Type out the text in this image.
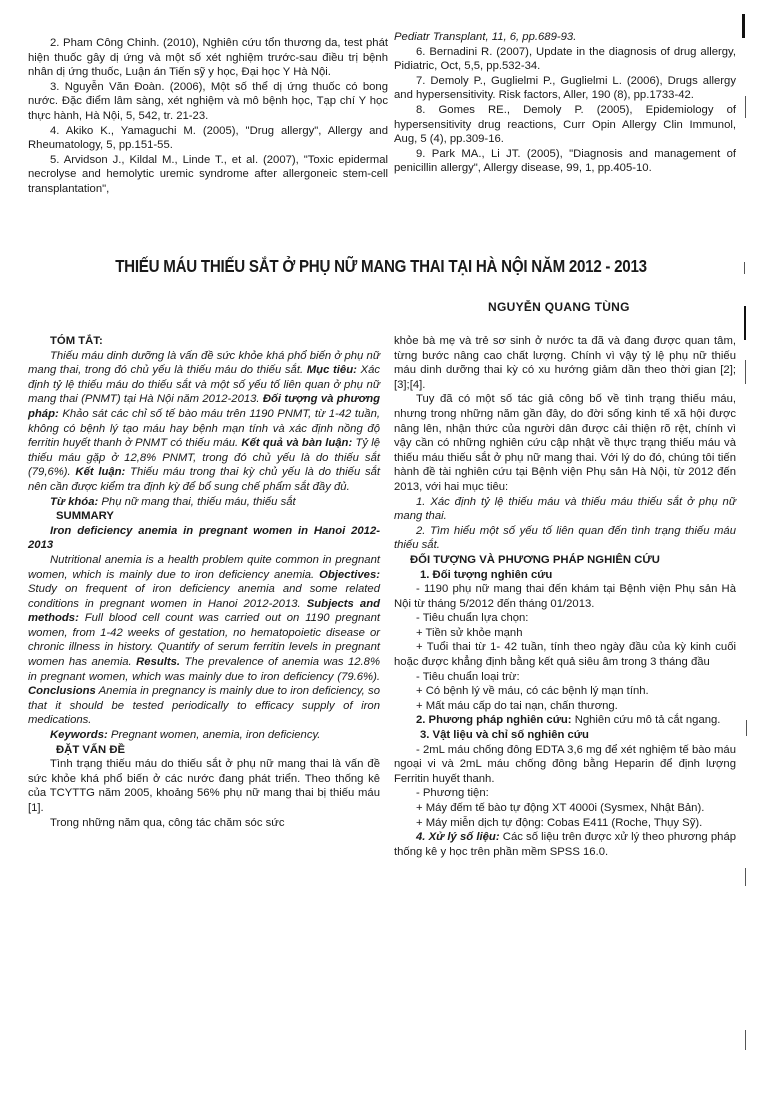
2. Pham Công Chinh. (2010), Nghiên cứu tổn thương da, test phát hiện thuốc gây dị ứng và một số xét nghiệm trước-sau điều trị bệnh nhân dị ứng thuốc, Luận án Tiến sỹ y học, Đại học Y Hà Nội.

3. Nguyễn Văn Đoàn. (2006), Một số thể dị ứng thuốc có bong nước. Đặc điểm lâm sàng, xét nghiệm và mô bệnh học, Tạp chí Y học thực hành, Hà Nội, 5, 542, tr. 21-23.

4. Akiko K., Yamaguchi M. (2005), "Drug allergy", Allergy and Rheumatology, 5, pp.151-55.

5. Arvidson J., Kildal M., Linde T., et al. (2007), "Toxic epidermal necrolyse and hemolytic uremic syndrome after allergoneic stem-cell transplantation",

Pediatr Transplant, 11, 6, pp.689-93.

6. Bernadini R. (2007), Update in the diagnosis of drug allergy, Pidiatric, Oct, 5,5, pp.532-34.

7. Demoly P., Guglielmi P., Guglielmi L. (2006), Drugs allergy and hypersensitivity. Risk factors, Aller, 190 (8), pp.1733-42.

8. Gomes RE., Demoly P. (2005), Epidemiology of hypersensitivity drug reactions, Curr Opin Allergy Clin Immunol, Aug, 5 (4), pp.309-16.

9. Park MA., Li JT. (2005), "Diagnosis and management of penicillin allergy", Allergy disease, 99, 1, pp.405-10.

THIẾU MÁU THIẾU SẮT Ở PHỤ NỮ MANG THAI TẠI HÀ NỘI NĂM 2012 - 2013
NGUYỄN QUANG TÙNG

TÓM TẮT:

Thiếu máu dinh dưỡng là vấn đề sức khỏe khá phổ biến ở phụ nữ mang thai, trong đó chủ yếu là thiếu máu do thiếu sắt. Mục tiêu: Xác định tỷ lệ thiếu máu do thiếu sắt và một số yếu tố liên quan ở phụ nữ mang thai (PNMT) tại Hà Nội năm 2012-2013. Đối tượng và phương pháp: Khảo sát các chỉ số tế bào máu trên 1190 PNMT, từ 1-42 tuần, không có bệnh lý tạo máu hay bệnh mạn tính và xác định nồng độ ferritin huyết thanh ở PNMT có thiếu máu. Kết quả và bàn luận: Tỷ lệ thiếu máu gặp ở 12,8% PNMT, trong đó chủ yếu là do thiếu sắt (79,6%). Kết luận: Thiếu máu trong thai kỳ chủ yếu là do thiếu sắt nên cần được kiểm tra định kỳ để bổ sung chế phẩm sắt đầy đủ.

Từ khóa: Phụ nữ mang thai, thiếu máu, thiếu sắt

SUMMARY

Iron deficiency anemia in pregnant women in Hanoi 2012-2013

Nutritional anemia is a health problem quite common in pregnant women, which is mainly due to iron deficiency anemia. Objectives: Study on frequent of iron deficiency anemia and some related conditions in pregnant women in Hanoi 2012-2013. Subjects and methods: Full blood cell count was carried out on 1190 pregnant women, from 1-42 weeks of gestation, no hematopoietic disease or chronic illness in history. Quantify of serum ferritin levels in pregnant women has anemia. Results. The prevalence of anemia was 12.8% in pregnant women, which was mainly due to iron deficiency (79.6%). Conclusions Anemia in pregnancy is mainly due to iron deficiency, so that it should be tested periodically to efficacy supply of iron medications.

Keywords: Pregnant women, anemia, iron deficiency.

ĐẶT VẤN ĐỀ

Tình trạng thiếu máu do thiếu sắt ở phụ nữ mang thai là vấn đề sức khỏe khá phổ biến ở các nước đang phát triển. Theo thống kê của TCYTTG năm 2005, khoảng 56% phụ nữ mang thai bị thiếu máu [1].

Trong những năm qua, công tác chăm sóc sức

khỏe bà mẹ và trẻ sơ sinh ở nước ta đã và đang được quan tâm, từng bước nâng cao chất lượng. Chính vì vậy tỷ lệ phụ nữ thiếu máu dinh dưỡng thai kỳ có xu hướng giảm dần theo thời gian [2];[3];[4].

Tuy đã có một số tác giả công bố về tình trạng thiếu máu, nhưng trong những năm gần đây, do đời sống kinh tế xã hội được nâng lên, nhận thức của người dân được cải thiện rõ rệt, chính vì vậy cần có những nghiên cứu cập nhật về thực trạng thiếu máu và thiếu máu thiếu sắt ở phụ nữ mang thai. Với lý do đó, chúng tôi tiến hành đề tài nghiên cứu tại Bệnh viện Phụ sản Hà Nội, từ 2012 đến 2013, với hai mục tiêu:

1. Xác định tỷ lệ thiếu máu và thiếu máu thiếu sắt ở phụ nữ mang thai.

2. Tìm hiểu một số yếu tố liên quan đến tình trạng thiếu máu thiếu sắt.

ĐỐI TƯỢNG VÀ PHƯƠNG PHÁP NGHIÊN CỨU

1. Đối tượng nghiên cứu

- 1190 phụ nữ mang thai đến khám tại Bệnh viện Phụ sản Hà Nội từ tháng 5/2012 đến tháng 01/2013.

- Tiêu chuẩn lựa chọn:

+ Tiền sử khỏe mạnh

+ Tuổi thai từ 1- 42 tuần, tính theo ngày đầu của kỳ kinh cuối hoặc được khẳng định bằng kết quả siêu âm trong 3 tháng đầu

- Tiêu chuẩn loại trừ:

+ Có bệnh lý về máu, có các bệnh lý mạn tính.

+ Mất máu cấp do tai nạn, chấn thương.

2. Phương pháp nghiên cứu: Nghiên cứu mô tả cắt ngang.

3. Vật liệu và chỉ số nghiên cứu

- 2mL máu chống đông EDTA 3,6 mg để xét nghiệm tế bào máu ngoại vi và 2mL máu chống đông bằng Heparin để định lượng Ferritin huyết thanh.

- Phương tiện:

+ Máy đếm tế bào tự động XT 4000i (Sysmex, Nhật Bản).

+ Máy miễn dịch tự động: Cobas E411 (Roche, Thụy Sỹ).

4. Xử lý số liệu: Các số liệu trên được xử lý theo phương pháp thống kê y học trên phần mềm SPSS 16.0.
